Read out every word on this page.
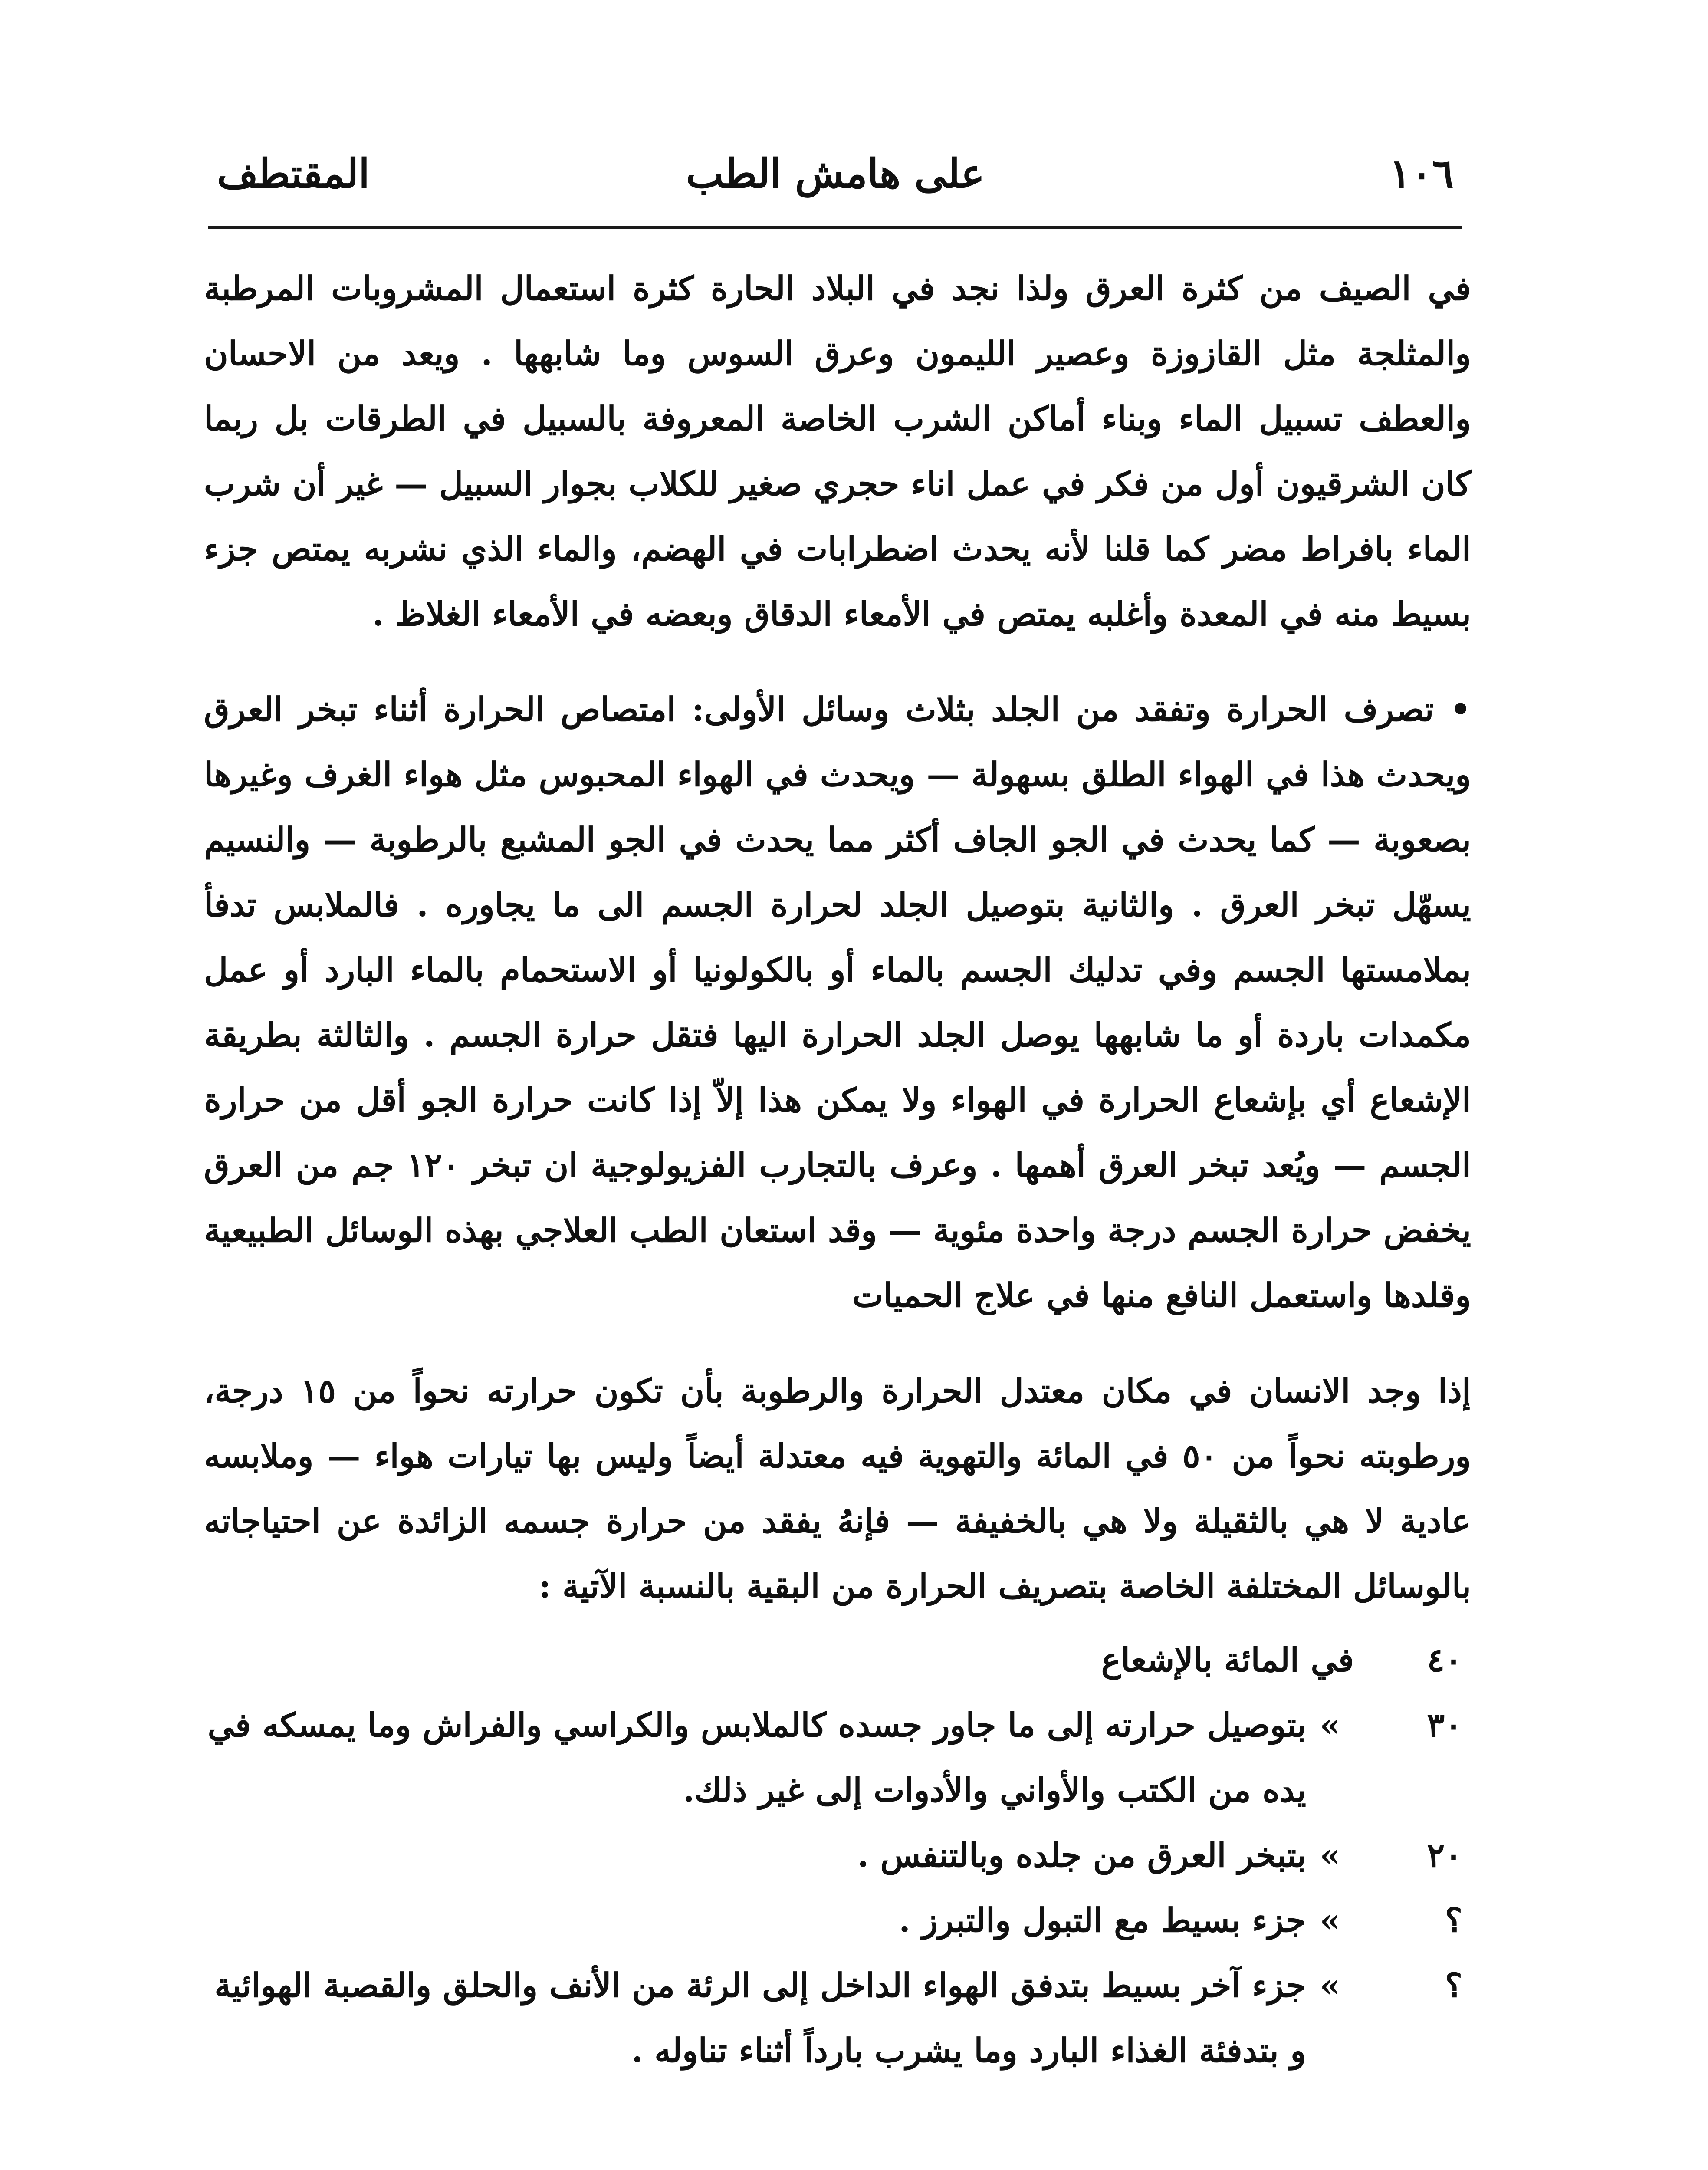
١٠٦
على هامش الطب
المقتطف

في الصيف من كثرة العرق ولذا نجد في البلاد الحارة كثرة استعمال المشروبات المرطبة والمثلجة مثل القازوزة وعصير الليمون وعرق السوس وما شابهها . ويعد من الاحسان والعطف تسبيل الماء وبناء أماكن الشرب الخاصة المعروفة بالسبيل في الطرقات بل ربما كان الشرقيون أول من فكر في عمل اناء حجري صغير للكلاب بجوار السبيل — غير أن شرب الماء بافراط مضر كما قلنا لأنه يحدث اضطرابات في الهضم، والماء الذي نشربه يمتص جزء بسيط منه في المعدة وأغلبه يمتص في الأمعاء الدقاق وبعضه في الأمعاء الغلاظ .

• تصرف الحرارة وتفقد من الجلد بثلاث وسائل الأولى: امتصاص الحرارة أثناء تبخر العرق ويحدث هذا في الهواء الطلق بسهولة — ويحدث في الهواء المحبوس مثل هواء الغرف وغيرها بصعوبة — كما يحدث في الجو الجاف أكثر مما يحدث في الجو المشبع بالرطوبة — والنسيم يسهّل تبخر العرق . والثانية بتوصيل الجلد لحرارة الجسم الى ما يجاوره . فالملابس تدفأ بملامستها الجسم وفي تدليك الجسم بالماء أو بالكولونيا أو الاستحمام بالماء البارد أو عمل مكمدات باردة أو ما شابهها يوصل الجلد الحرارة اليها فتقل حرارة الجسم . والثالثة بطريقة الإشعاع أي بإشعاع الحرارة في الهواء ولا يمكن هذا إلاّ إذا كانت حرارة الجو أقل من حرارة الجسم — ويُعد تبخر العرق أهمها . وعرف بالتجارب الفزيولوجية ان تبخر ١٢٠ جم من العرق يخفض حرارة الجسم درجة واحدة مئوية — وقد استعان الطب العلاجي بهذه الوسائل الطبيعية وقلدها واستعمل النافع منها في علاج الحميات

إذا وجد الانسان في مكان معتدل الحرارة والرطوبة بأن تكون حرارته نحواً من ١٥ درجة، ورطوبته نحواً من ٥٠ في المائة والتهوية فيه معتدلة أيضاً وليس بها تيارات هواء — وملابسه عادية لا هي بالثقيلة ولا هي بالخفيفة — فإنهُ يفقد من حرارة جسمه الزائدة عن احتياجاته بالوسائل المختلفة الخاصة بتصريف الحرارة من البقية بالنسبة الآتية :

٤٠
في المائة بالإشعاع
٣٠
»
بتوصيل حرارته إلى ما جاور جسده كالملابس والكراسي والفراش وما يمسكه في يده من الكتب والأواني والأدوات إلى غير ذلك.
٢٠
»
بتبخر العرق من جلده وبالتنفس .
؟
»
جزء بسيط مع التبول والتبرز .
؟
»
جزء آخر بسيط بتدفق الهواء الداخل إلى الرئة من الأنف والحلق والقصبة الهوائية و بتدفئة الغذاء البارد وما يشرب بارداً أثناء تناوله .
